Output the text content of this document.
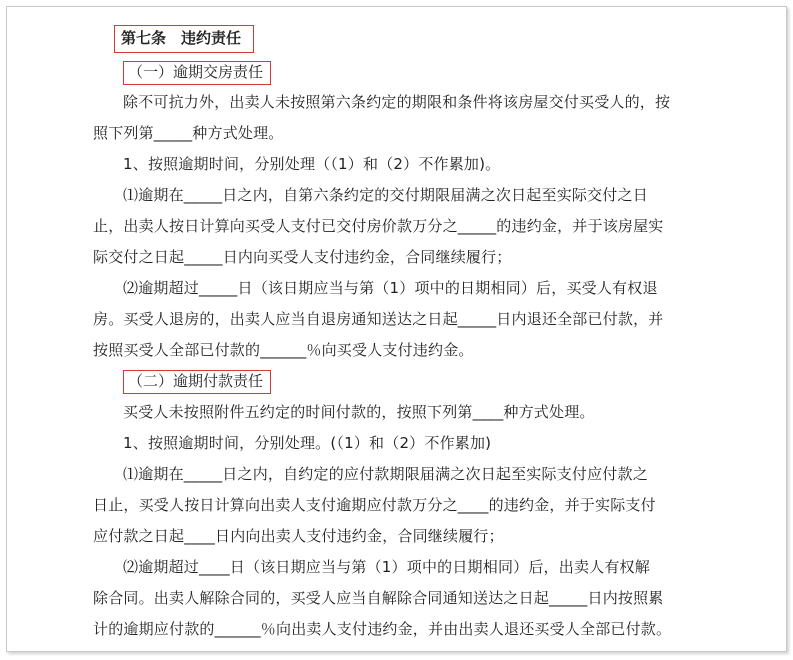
第七条　违约责任
（一）逾期交房责任
除不可抗力外，出卖人未按照第六条约定的期限和条件将该房屋交付买受人的，按
照下列第_____种方式处理。
1、按照逾期时间，分别处理（（1）和（2）不作累加)。
⑴逾期在_____日之内，自第六条约定的交付期限届满之次日起至实际交付之日
止，出卖人按日计算向买受人支付已交付房价款万分之_____的违约金，并于该房屋实
际交付之日起_____日内向买受人支付违约金，合同继续履行；
⑵逾期超过_____日（该日期应当与第（1）项中的日期相同）后，买受人有权退
房。买受人退房的，出卖人应当自退房通知送达之日起_____日内退还全部已付款，并
按照买受人全部已付款的______％向买受人支付违约金。
（二）逾期付款责任
买受人未按照附件五约定的时间付款的，按照下列第____种方式处理。
1、按照逾期时间，分别处理。(（1）和（2）不作累加)
⑴逾期在_____日之内，自约定的应付款期限届满之次日起至实际支付应付款之
日止，买受人按日计算向出卖人支付逾期应付款万分之____的违约金，并于实际支付
应付款之日起____日内向出卖人支付违约金，合同继续履行；
⑵逾期超过____日（该日期应当与第（1）项中的日期相同）后，出卖人有权解
除合同。出卖人解除合同的，买受人应当自解除合同通知送达之日起_____日内按照累
计的逾期应付款的______％向出卖人支付违约金，并由出卖人退还买受人全部已付款。
